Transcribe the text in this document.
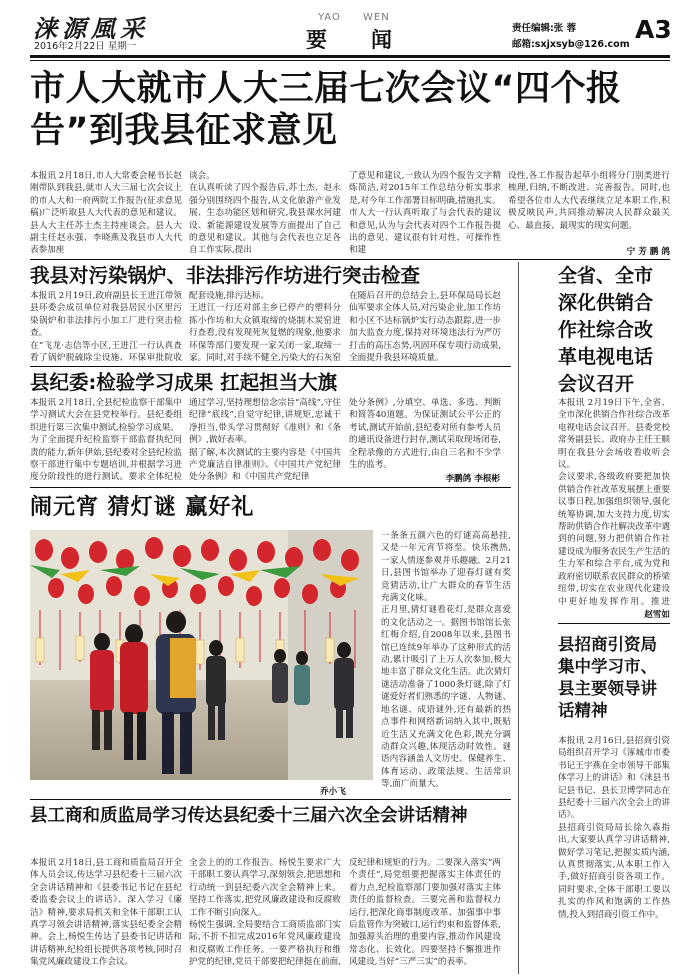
涞源風采
2016年2月22日 星期一
YAO WEN
要 闻	责任编辑:张 蓉
邮箱:sxjxsyb@126.com
A3
市人大就市人大三届七次会议“四个报告”到我县征求意见
本报讯 2月18日,市人大常委会秘书长赵刚带队到我县,就市人大三届七次会议上的市人大和一府两院工作报告(征求意见稿)广泛听取县人大代表的意见和建议。县人大主任苏士杰主持座谈会。县人大副主任赵永强、李晓燕及我县市人大代表参加座
谈会。
在认真听读了四个报告后,苏士杰、赵永强分别围绕四个报告,从文化旅游产业发展、生态功能区划和研究,我县课水河建设、新能源建设发展等方面提出了自己的意见和建议。其他与会代表也立足各自工作实际,提出
了意见和建议,一致认为四个报告文字精炼简洁,对2015年工作总结分析实事求是,对今年工作部署目标明确,措施扎实。
市人大一行认真听取了与会代表的建议和意见,认为与会代表对四个工作报告提出的意见、建议很有针对性、可操作性和建
设性,各工作报告起草小组将分门别类进行梳理,归纳,不断改进、完善报告。同时,也希望各位市人大代表继续立足本职工作,积极反映民声,共同推动解决人民群众最关心、最直接、最现实的现实问题。
宁 芳 鹏 鸽
我县对污染锅炉、非法排污作坊进行突击检查
本报讯 2月19日,政府副县长王进江带领县环委会成员单位对我县居民小区里污染锅炉和非法排污小加工厂进行突击检查。
在“飞龙·志信等小区,王进江一行认真查看了锅炉脱硫除尘设施、环保审批院收
配套设施,排污达标。
王进江一行还对部主乡已停产的塑料分拣小作坊和大众镇取缔的烧制木炭窑进行查看,没有发现死灰复燃的现象,他要求环保等部门要发现一家关闭一家,取缔一家。同时,对手续不健全,污染大的石灰窑
在随后召开的总结会上,县环保局局长赵仙军要求全体人员,对污染企业,加工作坊和小区不达标锅炉实行动态跟踪,进一步加大监查力度,保持对环境违法行为严厉打击的高压态势,巩固环保专项行动成果,全面提升我县环境质量。
县纪委:检验学习成果 扛起担当大旗
本报讯 2月18日,全县纪检监察干部集中学习测试大会在县党校举行。县纪委组织进行第三次集中测试,检验学习成果。
为了全面提升纪检监察干部监督执纪问责的能力,新年伊始,县纪委对全县纪检监察干部进行集中专题培训,并根据学习进度分阶段性的进行测试。要求全体纪检
通过学习,坚持理想信念宗旨“高线”,守住纪律“底线”,自觉守纪律,讲规矩,忠诚干净担当,带头学习贯彻好《准则》和《条例》,做好表率。
据了解,本次测试的主要内容是《中国共产党廉洁自律准则》、《中国共产党纪律处分条例》和《中国共产党纪律
处分条例》,分填空、单选、多选、判断和简答40道题。为保证测试公平公正的考试,测试开始前,县纪委对所有参考人员的通讯设备进行封存,测试采取现场闭卷,全程录像的方式进行,由自三名和不少学生的监考。

李鹏鸽 李根彬
闹元宵 猜灯谜 赢好礼
乔小飞
一条条五颜六色的灯谜高高悬挂,又是一年元宵节将至。快乐携热,一家人情逐参观并乐趣融。2月21日,县图书馆举办了迎春灯谜有奖竞猜活动,让广大群众的春节生活充满文化味。
正月里,猜灯谜看花灯,是群众喜爱的文化活动之一。据图书馆馆长张红梅介绍,自2008年以来,县图书馆已连续9年举办了这种形式的活动,累计吸引了上万人次参加,极大地丰富了群众文化生活。此次猜灯谜活动准备了1000条灯谜,除了灯谜爱好者们熟悉的字谜、人物谜、地名谜、成语谜外,还有最新的热点事件和网络新词纳入其中,既贴近生活又充满文化色彩,既充分调动群众兴趣,体现活动时效性。谜语内容涵盖人文历史、保健养生、体育运动、政策法规、生活常识等,面广而量大。
县工商和质监局学习传达县纪委十三届六次全会讲话精神
本报讯 2月18日,县工商和质监局召开全体人员会议,传达学习县纪委十三届六次全会讲话精神和《县委书记书记在县纪委监委会议上的讲话》、深入学习《廉洁》精神,要求局机关和全体干部职工认真学习领会讲话精神,落实县纪委全会精神。会上,杨悦生传达了县委书记讲话和讲话精神,纪检组长提供各项考核,同时召集党风廉政建设工作会议。
全会上的的工作报告。杨悦生要求广大干部职工要认真学习,深刻领会,把思想和行动统一到县纪委六次全会精神上来。坚持工作落实,把党风廉政建设和反腐败工作不断引向深入。
杨悦生强调,全局要结合工商质监部门实际,不折不扣完成2016年党风廉政建设和反腐败工作任务。一要严格执行和维护党的纪律,党员干部要把纪律挺在前面,
反纪律和规矩的行为。二要深入落实“两个责任”,局党组要把握落实主体责任的着力点,纪检监察部门要加强对落实主体责任的监督检查。三要完善和监督权力运行,把深化商事制度改革、加强事中事后监管作为突破口,运行约束和监督体系,加强源头治理的重要内容,推动作风建设常态化、长效化。四要坚持不懈推进作风建设,当好“三严三实”的表率。
全省、全市深化供销合作社综合改革电视电话会议召开
本报讯 2月19日下午,全省、全市深化供销合作社综合改革电视电话会议召开。县委党校常务副县长、政府办主任王顺明在我县分会场收看收听会议。
会议要求,各级政府要把加快供销合作社改革发展摆上重要议事日程,加强组织领导,强化统筹协调,加大支持力度,切实帮助供销合作社解决改革中遇到的问题,努力把供销合作社建设成为服务农民生产生活的生力军和综合平台,成为党和政府密切联系农民群众的桥梁纽带,切实在农业现代化建设中更好地发挥作用。推进
赵雪如
县招商引资局集中学习市、县主要领导讲话精神
本报讯 2月16日,县招商引资局组织召开学习《涿城市市委书记王宇燕在全市领导干部集体学习上的讲话》和《涞县书记县书记、县长卫博学同志在县纪委十三届六次全会上的讲话》。
县招商引资局局长徐久森指出,大家要认真学习讲话精神,做好学习笔记,把握实质内涵,认真贯彻落实,从本职工作入手,做好招商引资各项工作。同时要求,全体干部职工要以扎实的作风和饱满的工作热情,投入到招商引资工作中。
